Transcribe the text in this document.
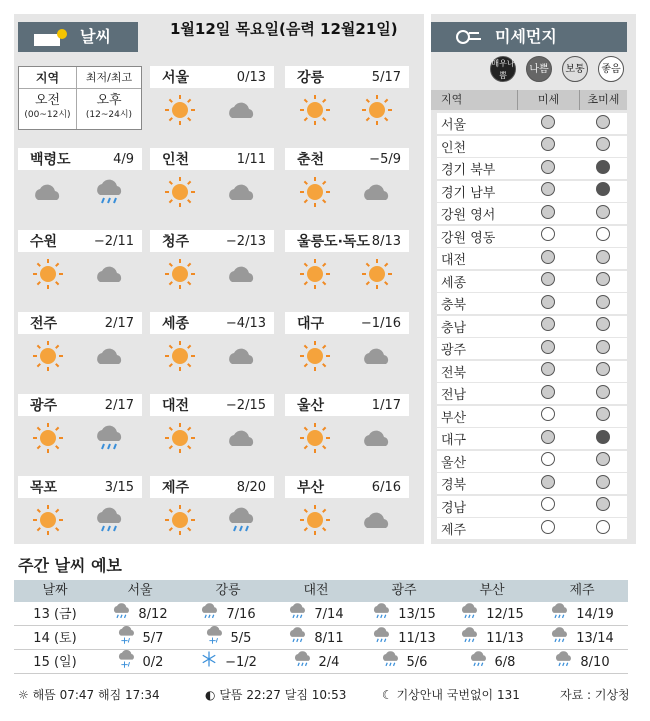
날씨	1월12일 목요일(음력 12월21일)	미세먼지
지역	최저/최고
오전
(00~12시)
오후
(12~24시)
서울	0/13 강릉	5/17
백령도	4/9 인천	1/11 춘천	−5/9
수원	−2/11 청주	−2/13 울릉도·독도 8/13
전주	2/17 세종	−4/13 대구	−1/16
광주	2/17 대전	−2/15 울산	1/17
목포	3/15 제주	8/20 부산	6/16
매우나쁨
나쁨	보통	좋음
지역	미세	초미세
서울
인천
경기 북부
경기 남부
강원 영서
강원 영동
대전
세종
충북
충남
광주
전북
전남
부산
대구
울산
경북
경남
제주
주간 날씨 예보
날짜	서울	강릉	대전	광주	부산	제주
13 (금)	8/12	7/16	7/14	13/15	12/15	14/19
14 (토)	5/7	5/5	8/11	11/13	11/13	13/14
15 (일)	0/2	−1/2	2/4	5/6	6/8	8/10
☼ 해뜸 07:47 해짐 17:34	◐ 달뜸 22:27 달짐 10:53	☾ 기상안내 국번없이 131	자료 : 기상청
